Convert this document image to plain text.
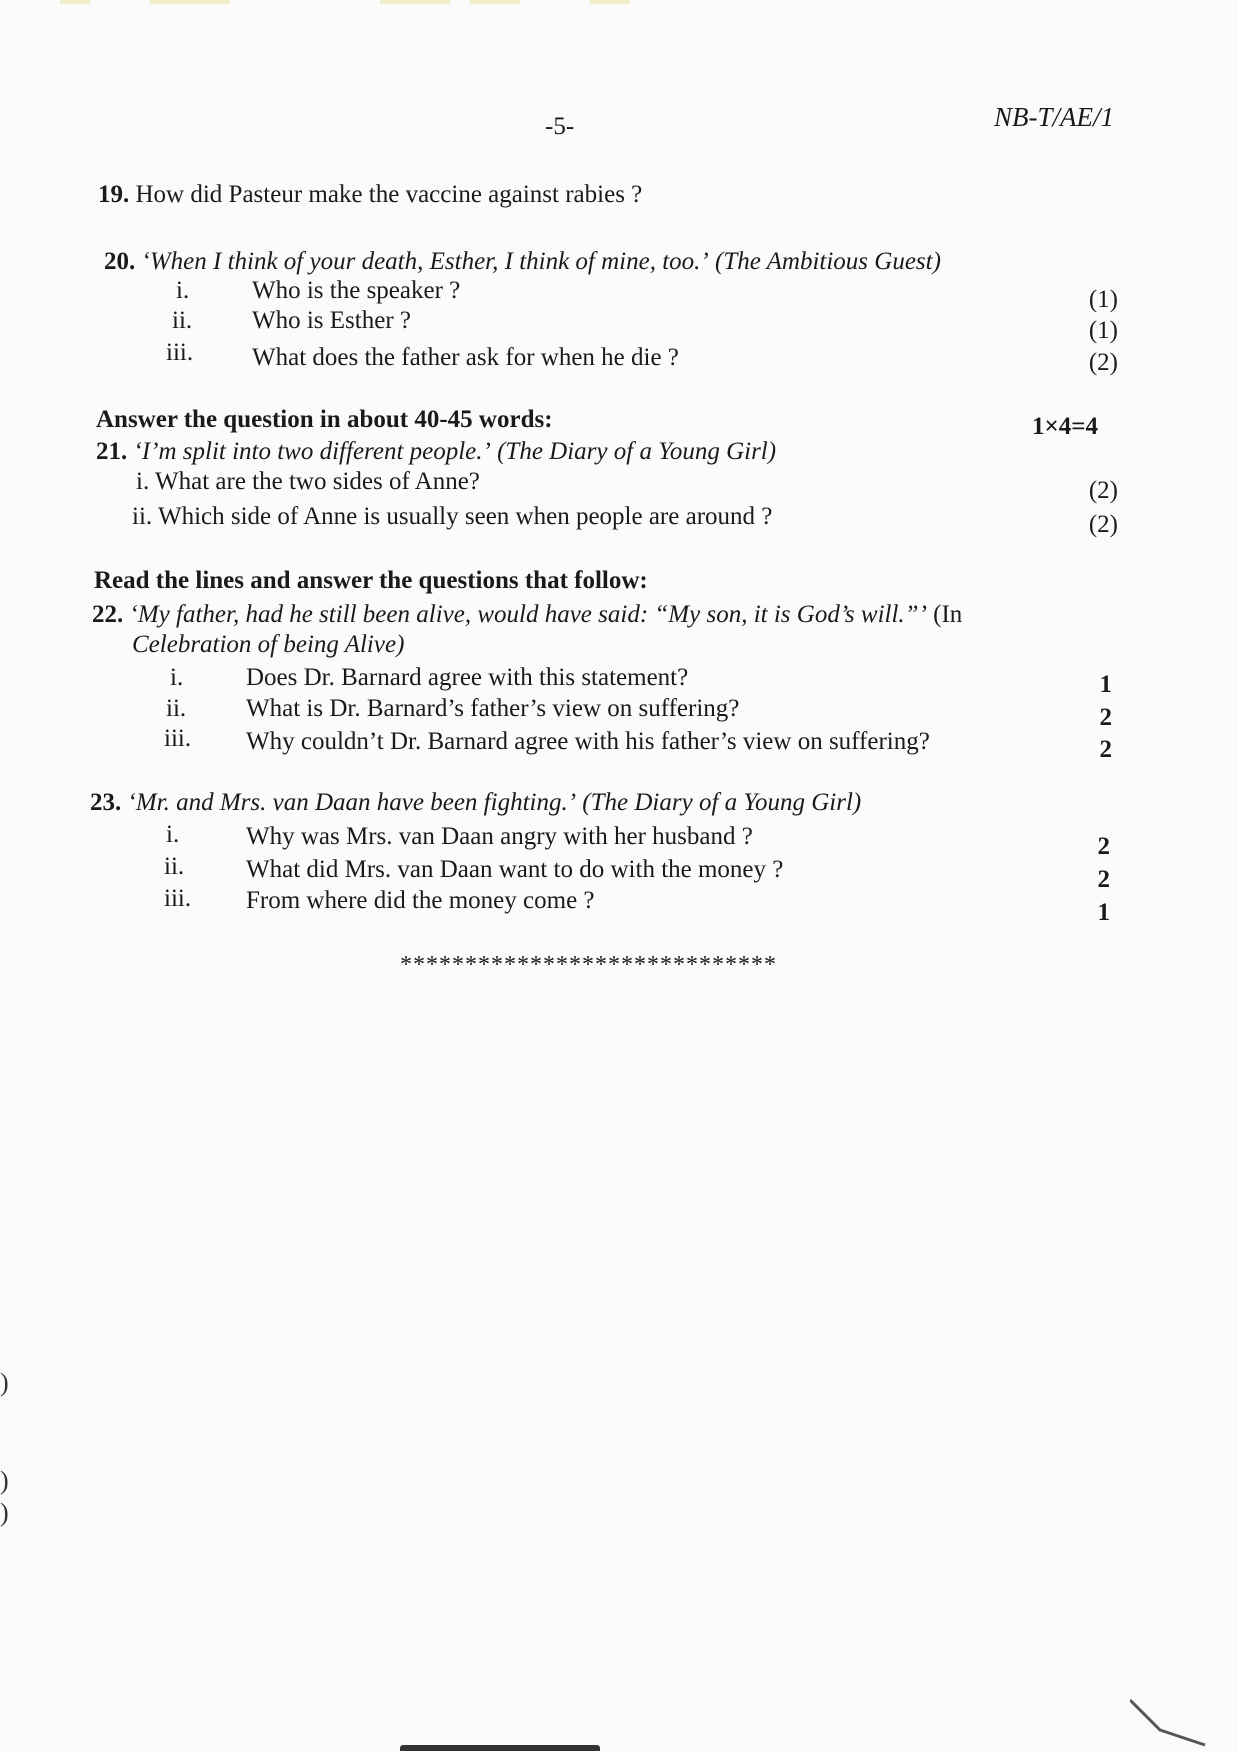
-5-	NB-T/AE/1
19. How did Pasteur make the vaccine against rabies ?
20. ‘When I think of your death, Esther, I think of mine, too.’ (The Ambitious Guest)
i.	Who is the speaker ?	(1)
ii. Who is Esther ?	(1)
iii. What does the father ask for when he die ?	(2)
Answer the question in about 40-45 words:	1×4=4
21. ‘I’m split into two different people.’ (The Diary of a Young Girl)
i. What are the two sides of Anne?	(2)
ii. Which side of Anne is usually seen when people are around ?	(2)
Read the lines and answer the questions that follow:
22. ‘My father, had he still been alive, would have said: “My son, it is God’s will.”’ (In
Celebration of being Alive)
i.	Does Dr. Barnard agree with this statement?	1
ii. What is Dr. Barnard’s father’s view on suffering?	2
iii. Why couldn’t Dr. Barnard agree with his father’s view on suffering?	2
23. ‘Mr. and Mrs. van Daan have been fighting.’ (The Diary of a Young Girl)
i.	Why was Mrs. van Daan angry with her husband ?	2
ii. What did Mrs. van Daan want to do with the money ?	2
iii. From where did the money come ?	1
*****************************
)
)
)
